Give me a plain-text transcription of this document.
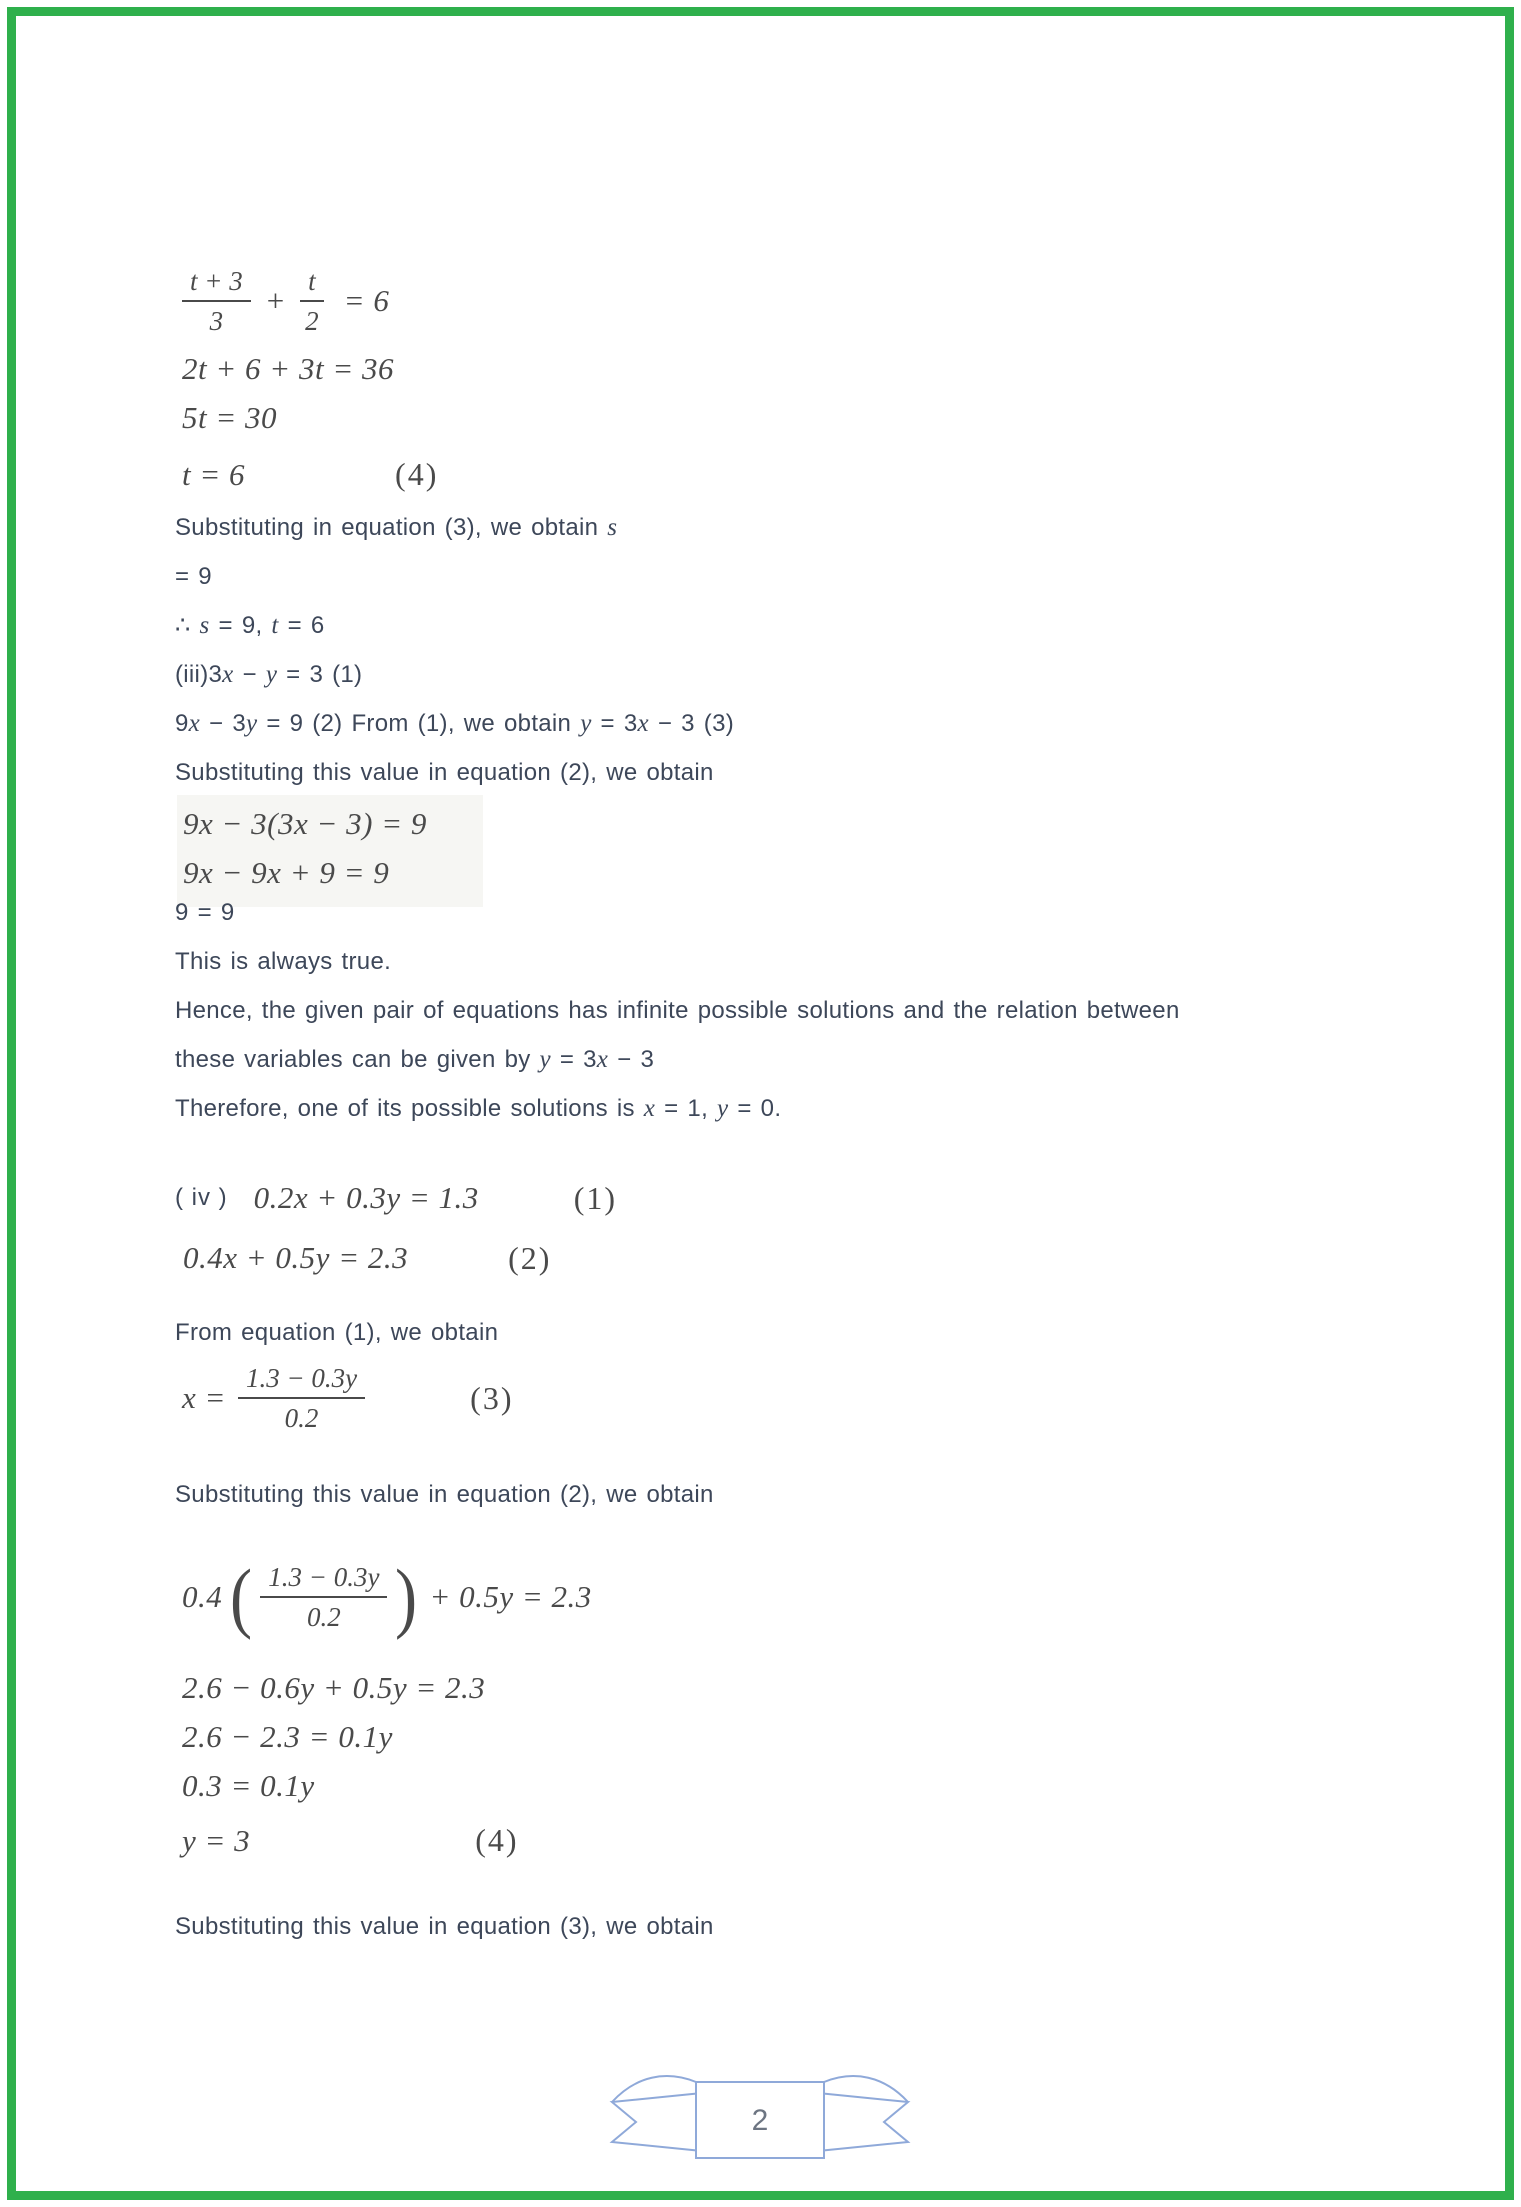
$\frac{t + 3}{3} + \frac{t}{2} = 6$
2t + 6 + 3t = 36
5t = 30
t = 6	(4)

Substituting in equation (3), we obtain s

= 9

∴ s = 9, t = 6

(iii)3x − y = 3 (1)

9x − 3y = 9 (2) From (1), we obtain y = 3x − 3 (3)

Substituting this value in equation (2), we obtain

9x − 3(3x − 3) = 9
9x − 9x + 9 = 9

9 = 9

This is always true.

Hence, the given pair of equations has infinite possible solutions and the relation between

these variables can be given by y = 3x − 3

Therefore, one of its possible solutions is x = 1, y = 0.

( iv ) 0.2x + 0.3y = 1.3	(1)
0.4x + 0.5y = 2.3	(2)

From equation (1), we obtain

$x = \frac{1.3 - 0.3y}{0.2}$	(3)

Substituting this value in equation (2), we obtain

0.4 ( $\frac{1.3 - 0.3y}{0.2}$ ) + 0.5y = 2.3
2.6 − 0.6y + 0.5y = 2.3
2.6 − 2.3 = 0.1y
0.3 = 0.1y
y = 3	(4)

Substituting this value in equation (3), we obtain

2
